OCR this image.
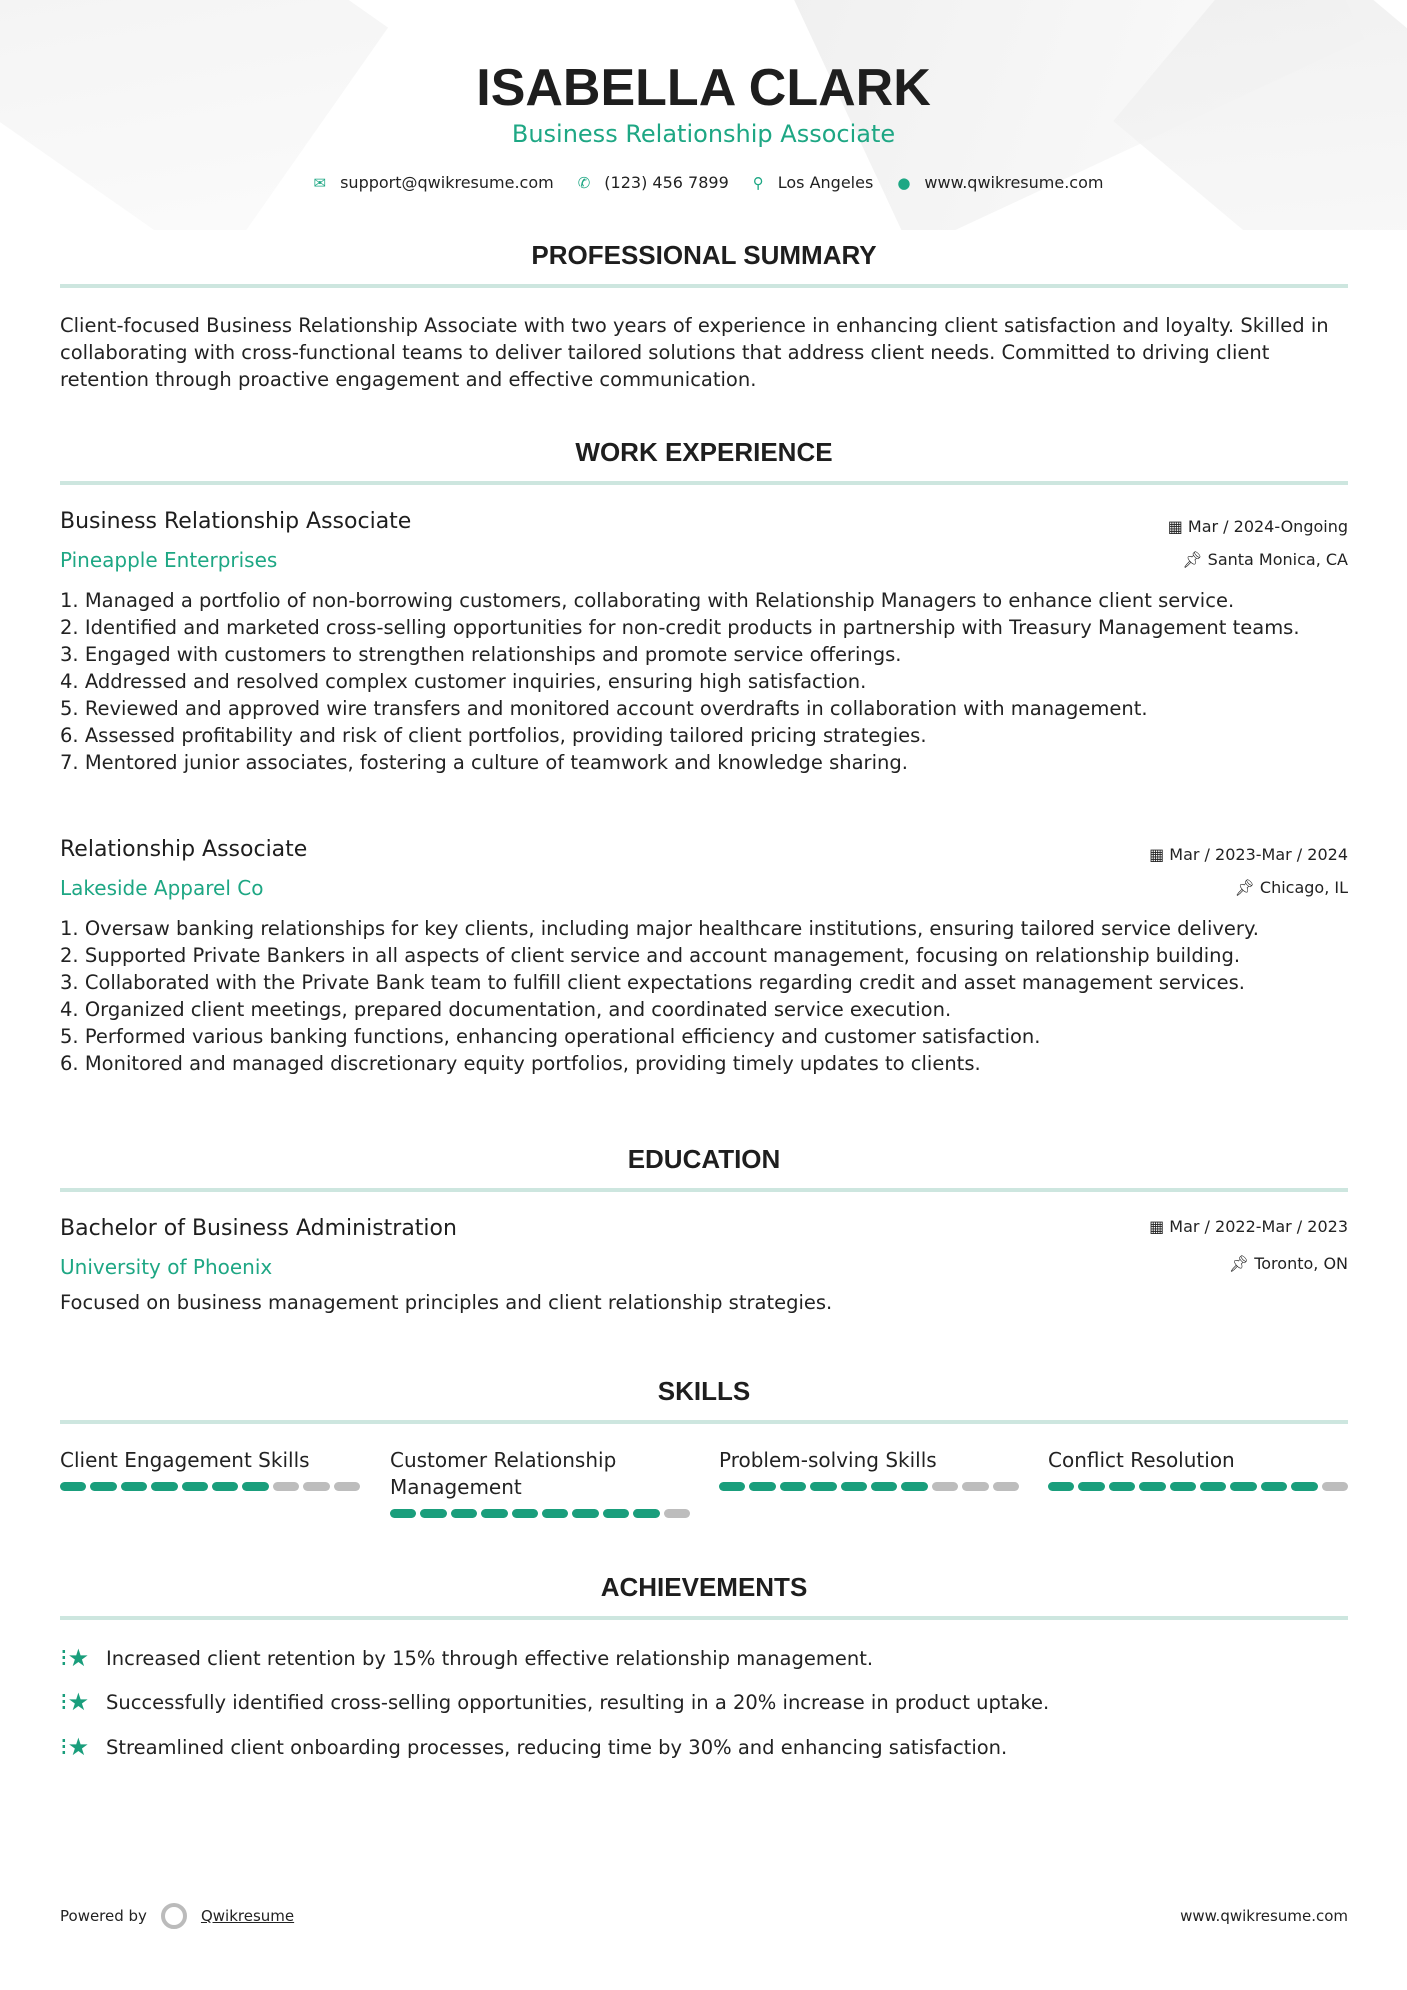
ISABELLA CLARK
Business Relationship Associate
✉ support@qwikresume.com ✆ (123) 456 7899 ⚲ Los Angeles ● www.qwikresume.com
PROFESSIONAL SUMMARY
Client-focused Business Relationship Associate with two years of experience in enhancing client satisfaction and loyalty. Skilled in collaborating with cross-functional teams to deliver tailored solutions that address client needs. Committed to driving client retention through proactive engagement and effective communication.
WORK EXPERIENCE
Business Relationship Associate	▦ Mar / 2024-Ongoing
Pineapple Enterprises	📌︎ Santa Monica, CA
Managed a portfolio of non-borrowing customers, collaborating with Relationship Managers to enhance client service.
Identified and marketed cross-selling opportunities for non-credit products in partnership with Treasury Management teams.
Engaged with customers to strengthen relationships and promote service offerings.
Addressed and resolved complex customer inquiries, ensuring high satisfaction.
Reviewed and approved wire transfers and monitored account overdrafts in collaboration with management.
Assessed profitability and risk of client portfolios, providing tailored pricing strategies.
Mentored junior associates, fostering a culture of teamwork and knowledge sharing.
Relationship Associate	▦ Mar / 2023-Mar / 2024
Lakeside Apparel Co	📌︎ Chicago, IL
Oversaw banking relationships for key clients, including major healthcare institutions, ensuring tailored service delivery.
Supported Private Bankers in all aspects of client service and account management, focusing on relationship building.
Collaborated with the Private Bank team to fulfill client expectations regarding credit and asset management services.
Organized client meetings, prepared documentation, and coordinated service execution.
Performed various banking functions, enhancing operational efficiency and customer satisfaction.
Monitored and managed discretionary equity portfolios, providing timely updates to clients.
EDUCATION
Bachelor of Business Administration	▦ Mar / 2022-Mar / 2023
University of Phoenix	📌︎ Toronto, ON
Focused on business management principles and client relationship strategies.
SKILLS
Client Engagement Skills	Customer Relationship Management
Problem-solving Skills	Conflict Resolution
ACHIEVEMENTS
⁝★ Increased client retention by 15% through effective relationship management.
⁝★ Successfully identified cross-selling opportunities, resulting in a 20% increase in product uptake.
⁝★ Streamlined client onboarding processes, reducing time by 30% and enhancing satisfaction.
Powered by	Qwikresume	www.qwikresume.com
